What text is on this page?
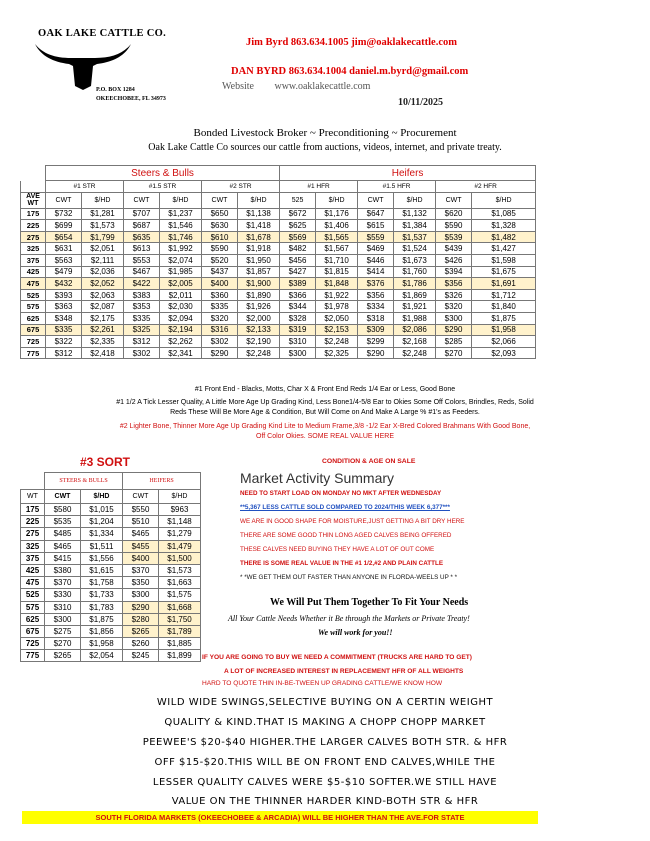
OAK LAKE CATTLE CO.
P.O. BOX 1284
OKEECHOBEE, FL 34973
Jim Byrd 863.634.1005 jim@oaklakecattle.com
DAN BYRD 863.634.1004 daniel.m.byrd@gmail.com
Website www.oaklakecattle.com
10/11/2025
Bonded Livestock Broker ~ Preconditioning ~ Procurement
Oak Lake Cattle Co sources our cattle from auctions, videos, internet, and private treaty.
	Steers & Bulls						Heifers					
	#1 STR		#1.5 STR		#2 STR		#1 HFR		#1.5 HFR		#2 HFR	
AVE WT	CWT	$/HD	CWT	$/HD	CWT	$/HD	525	$/HD	CWT	$/HD	CWT	$/HD
175	$732	$1,281	$707	$1,237	$650	$1,138	$672	$1,176	$647	$1,132	$620	$1,085
225	$699	$1,573	$687	$1,546	$630	$1,418	$625	$1,406	$615	$1,384	$590	$1,328
275	$654	$1,799	$635	$1,746	$610	$1,678	$569	$1,565	$559	$1,537	$539	$1,482
325	$631	$2,051	$613	$1,992	$590	$1,918	$482	$1,567	$469	$1,524	$439	$1,427
375	$563	$2,111	$553	$2,074	$520	$1,950	$456	$1,710	$446	$1,673	$426	$1,598
425	$479	$2,036	$467	$1,985	$437	$1,857	$427	$1,815	$414	$1,760	$394	$1,675
475	$432	$2,052	$422	$2,005	$400	$1,900	$389	$1,848	$376	$1,786	$356	$1,691
525	$393	$2,063	$383	$2,011	$360	$1,890	$366	$1,922	$356	$1,869	$326	$1,712
575	$363	$2,087	$353	$2,030	$335	$1,926	$344	$1,978	$334	$1,921	$320	$1,840
625	$348	$2,175	$335	$2,094	$320	$2,000	$328	$2,050	$318	$1,988	$300	$1,875
675	$335	$2,261	$325	$2,194	$316	$2,133	$319	$2,153	$309	$2,086	$290	$1,958
725	$322	$2,335	$312	$2,262	$302	$2,190	$310	$2,248	$299	$2,168	$285	$2,066
775	$312	$2,418	$302	$2,341	$290	$2,248	$300	$2,325	$290	$2,248	$270	$2,093
#1 Front End - Blacks, Motts, Char X & Front End Reds 1/4 Ear or Less, Good Bone
#1 1/2 A Tick Lesser Quality, A Little More Age Up Grading Kind, Less Bone1/4-5/8 Ear to Okies Some Off Colors, Brindles, Reds, Solid
Reds These Will Be More Age & Condition, But Will Come on And Make A Large % #1's as Feeders.
#2 Lighter Bone, Thinner More Age Up Grading Kind Lite to Medium Frame,3/8 -1/2 Ear X-Bred Colored Brahmans With Good Bone,
Off Color Okies. SOME REAL VALUE HERE
#3 SORT
	STEERS & BULLS		HEIFERS	
WT	CWT	$/HD	CWT	$/HD
175	$580	$1,015	$550	$963
225	$535	$1,204	$510	$1,148
275	$485	$1,334	$465	$1,279
325	$465	$1,511	$455	$1,479
375	$415	$1,556	$400	$1,500
425	$380	$1,615	$370	$1,573
475	$370	$1,758	$350	$1,663
525	$330	$1,733	$300	$1,575
575	$310	$1,783	$290	$1,668
625	$300	$1,875	$280	$1,750
675	$275	$1,856	$265	$1,789
725	$270	$1,958	$260	$1,885
775	$265	$2,054	$245	$1,899
CONDITION & AGE ON SALE
Market Activity Summary
NEED TO START LOAD ON MONDAY NO MKT AFTER WEDNESDAY
**5,367 LESS CATTLE SOLD COMPARED TO 2024/THIS WEEK 6,377***
WE ARE IN GOOD SHAPE FOR MOISTURE,JUST GETTING A BIT DRY HERE
THERE ARE SOME GOOD THIN LONG AGED CALVES BEING OFFERED
THESE CALVES NEED BUYING THEY HAVE A LOT OF OUT COME
THERE IS SOME REAL VALUE IN THE #1 1/2,#2 AND PLAIN CATTLE
* *WE GET THEM OUT FASTER THAN ANYONE IN FLORDA-WEELS UP * *
We Will Put Them Together To Fit Your Needs
All Your Cattle Needs Whether it Be through the Markets or Private Treaty!
We will work for you!!
IF YOU ARE GOING TO BUY WE NEED A COMMITMENT (TRUCKS ARE HARD TO GET)
A LOT OF INCREASED INTEREST IN REPLACEMENT HFR OF ALL WEIGHTS
HARD TO QUOTE THIN IN-BE-TWEEN UP GRADING CATTLE/WE KNOW HOW
WILD WIDE SWINGS,SELECTIVE BUYING ON A CERTIN WEIGHT
QUALITY & KIND.THAT IS MAKING A CHOPP CHOPP MARKET
PEEWEE'S $20-$40 HIGHER.THE LARGER CALVES BOTH STR. & HFR
OFF $15-$20.THIS WILL BE ON FRONT END CALVES,WHILE THE
LESSER QUALITY CALVES WERE $5-$10 SOFTER.WE STILL HAVE
VALUE ON THE THINNER HARDER KIND-BOTH STR & HFR
SOUTH FLORIDA MARKETS (OKEECHOBEE & ARCADIA) WILL BE HIGHER THAN THE AVE.FOR STATE
